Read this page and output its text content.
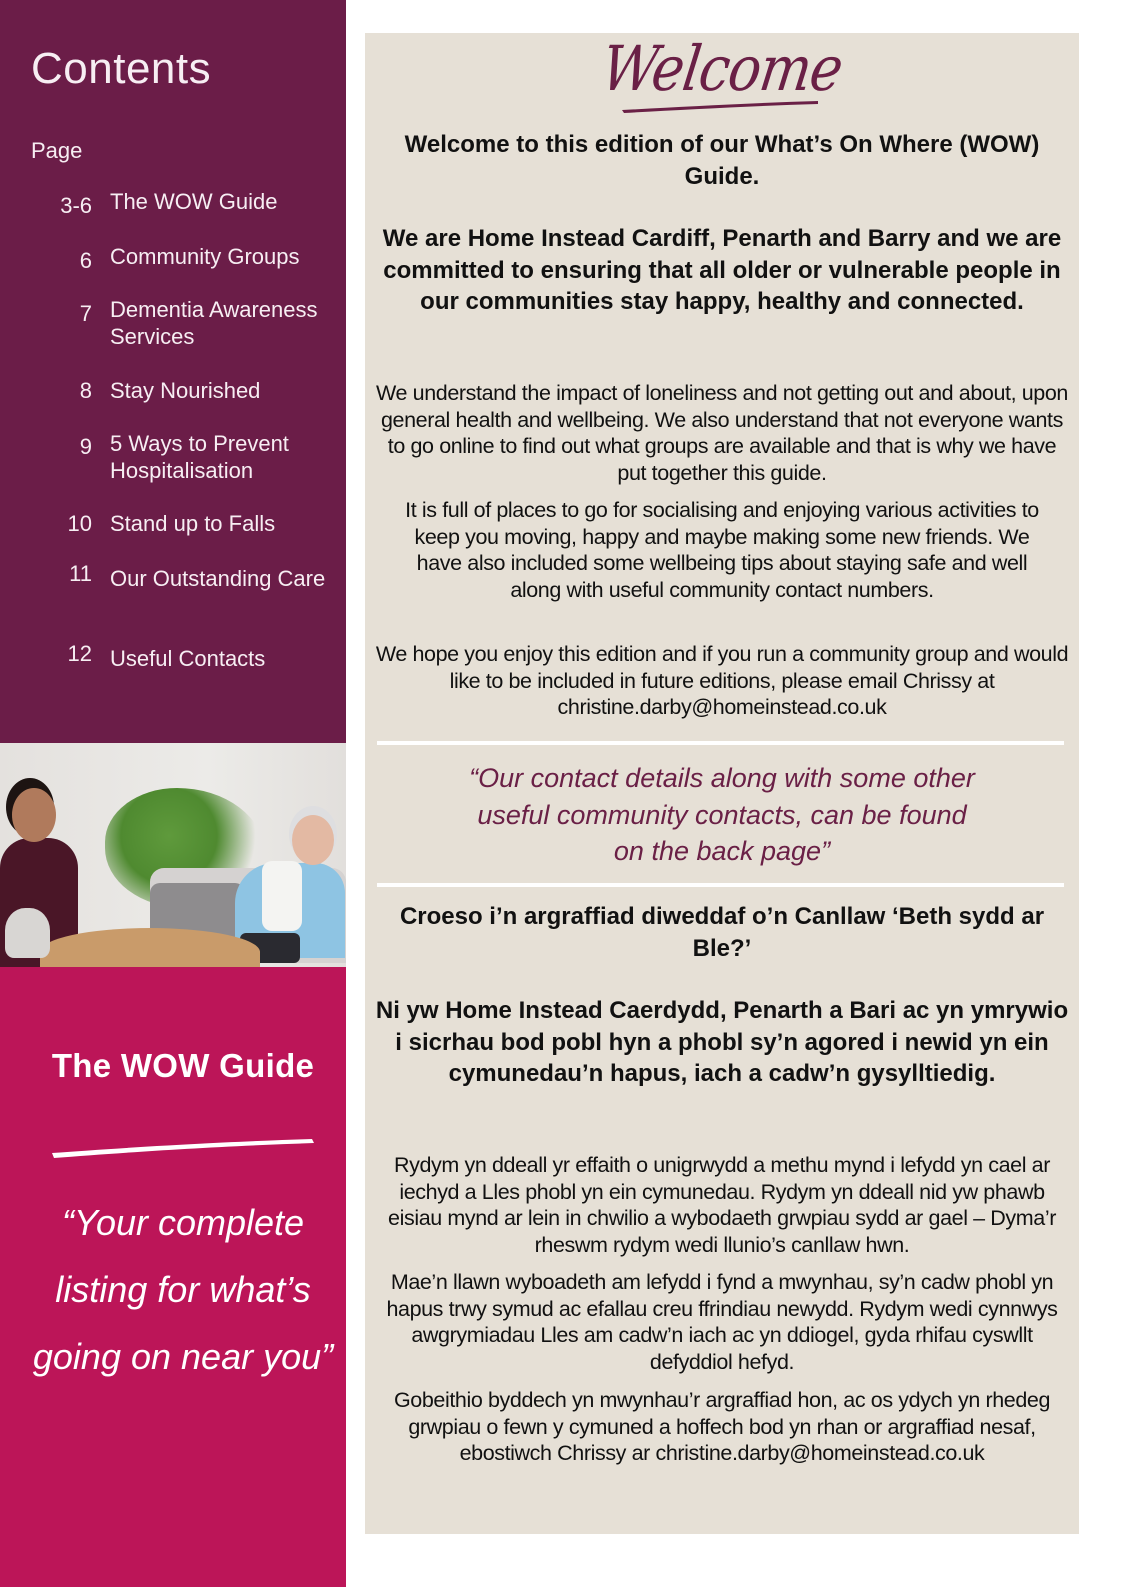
Contents
Page
3-6 The WOW Guide
6 Community Groups
7 Dementia Awareness Services
8 Stay Nourished
9 5 Ways to Prevent Hospitalisation
10 Stand up to Falls
11 Our Outstanding Care
12 Useful Contacts
The WOW Guide
“Your complete listing for what’s going on near you”
Welcome

Welcome to this edition of our What’s On Where (WOW) Guide.

We are Home Instead Cardiff, Penarth and Barry and we are committed to ensuring that all older or vulnerable people in our communities stay happy, healthy and connected.

We understand the impact of loneliness and not getting out and about, upon general health and wellbeing. We also understand that not everyone wants to go online to find out what groups are available and that is why we have put together this guide.

It is full of places to go for socialising and enjoying various activities to keep you moving, happy and maybe making some new friends. We have also included some wellbeing tips about staying safe and well along with useful community contact numbers.

We hope you enjoy this edition and if you run a community group and would like to be included in future editions, please email Chrissy at christine.darby@homeinstead.co.uk

“Our contact details along with some other useful community contacts, can be found on the back page”

Croeso i’n argraffiad diweddaf o’n Canllaw ‘Beth sydd ar Ble?’

Ni yw Home Instead Caerdydd, Penarth a Bari ac yn ymrywio i sicrhau bod pobl hyn a phobl sy’n agored i newid yn ein cymunedau’n hapus, iach a cadw’n gysylltiedig.

Rydym yn ddeall yr effaith o unigrwydd a methu mynd i lefydd yn cael ar iechyd a Lles phobl yn ein cymunedau. Rydym yn ddeall nid yw phawb eisiau mynd ar lein in chwilio a wybodaeth grwpiau sydd ar gael – Dyma’r rheswm rydym wedi llunio’s canllaw hwn.

Mae’n llawn wyboadeth am lefydd i fynd a mwynhau, sy’n cadw phobl yn hapus trwy symud ac efallau creu ffrindiau newydd. Rydym wedi cynnwys awgrymiadau Lles am cadw’n iach ac yn ddiogel, gyda rhifau cyswllt defyddiol hefyd.

Gobeithio byddech yn mwynhau’r argraffiad hon, ac os ydych yn rhedeg grwpiau o fewn y cymuned a hoffech bod yn rhan or argraffiad nesaf, ebostiwch Chrissy ar christine.darby@homeinstead.co.uk
